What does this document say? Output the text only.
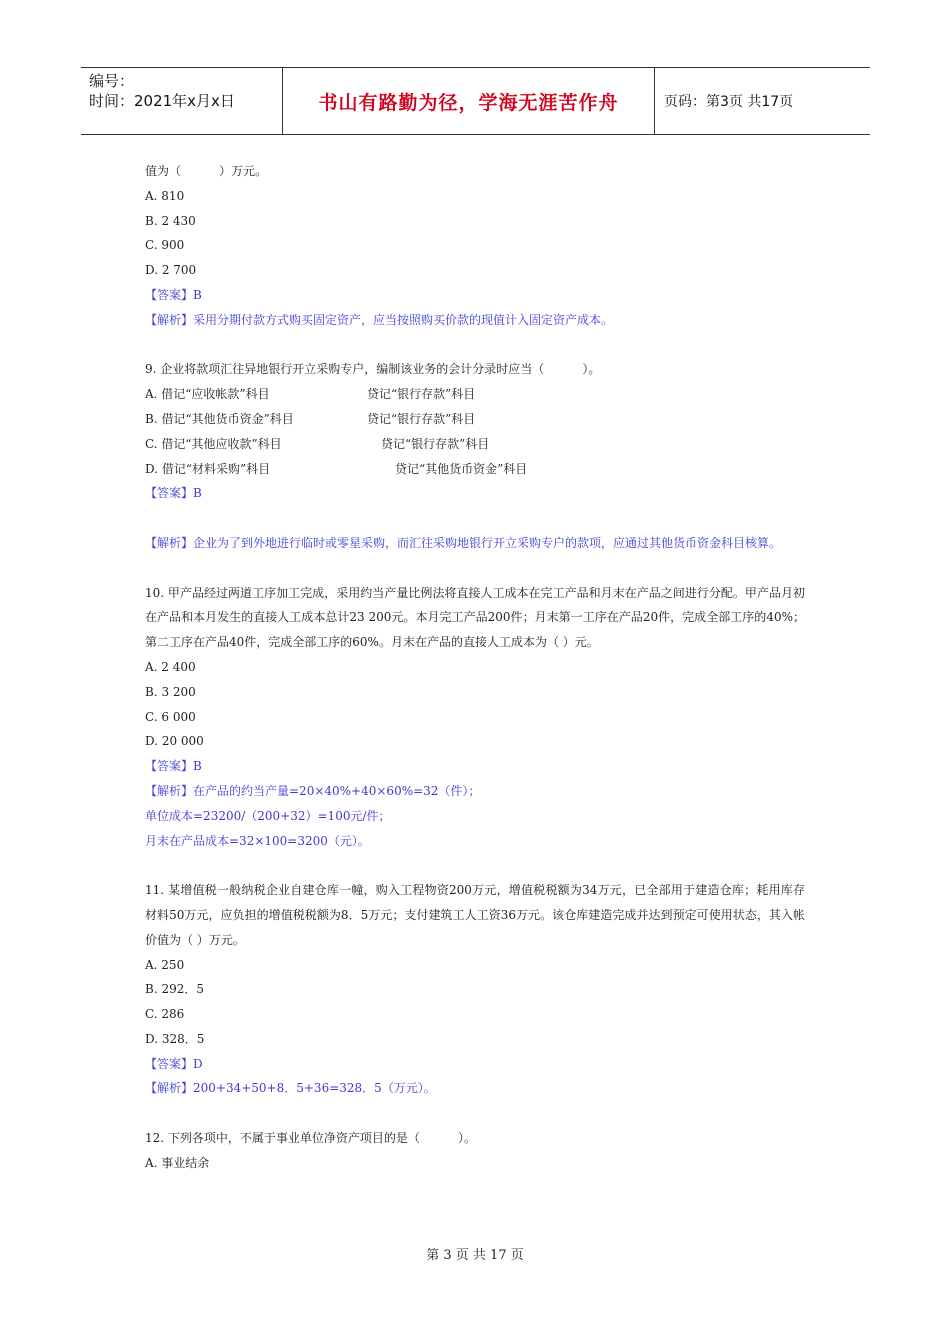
编号：
时间：2021年x月x日	书山有路勤为径，学海无涯苦作舟	页码：第3页 共17页
值为（          ）万元。
A. 810
B. 2 430
C. 900
D. 2 700
【答案】B
【解析】采用分期付款方式购买固定资产，应当按照购买价款的现值计入固定资产成本。
9. 企业将款项汇往异地银行开立采购专户，编制该业务的会计分录时应当（          ）。
A. 借记“应收帐款”科目	贷记“银行存款”科目
B. 借记“其他货币资金”科目	贷记“银行存款”科目
C. 借记“其他应收款”科目	贷记“银行存款”科目
D. 借记“材料采购”科目	贷记“其他货币资金”科目
【答案】B
【解析】企业为了到外地进行临时或零星采购，而汇往采购地银行开立采购专户的款项，应通过其他货币资金科目核算。
10. 甲产品经过两道工序加工完成，采用约当产量比例法将直接人工成本在完工产品和月末在产品之间进行分配。甲产品月初在产品和本月发生的直接人工成本总计23 200元。本月完工产品200件；月末第一工序在产品20件，完成全部工序的40%；第二工序在产品40件，完成全部工序的60%。月末在产品的直接人工成本为（ ）元。
A. 2 400
B. 3 200
C. 6 000
D. 20 000
【答案】B
【解析】在产品的约当产量=20×40%+40×60%=32（件）；
单位成本=23200/（200+32）=100元/件；
月末在产品成本=32×100=3200（元）。
11. 某增值税一般纳税企业自建仓库一幢，购入工程物资200万元，增值税税额为34万元，已全部用于建造仓库；耗用库存材料50万元，应负担的增值税税额为8．5万元；支付建筑工人工资36万元。该仓库建造完成并达到预定可使用状态，其入帐价值为（ ）万元。
A. 250
B. 292．5
C. 286
D. 328．5
【答案】D
【解析】200+34+50+8．5+36=328．5（万元）。
12. 下列各项中，不属于事业单位净资产项目的是（          ）。
A. 事业结余
第 3 页 共 17 页
